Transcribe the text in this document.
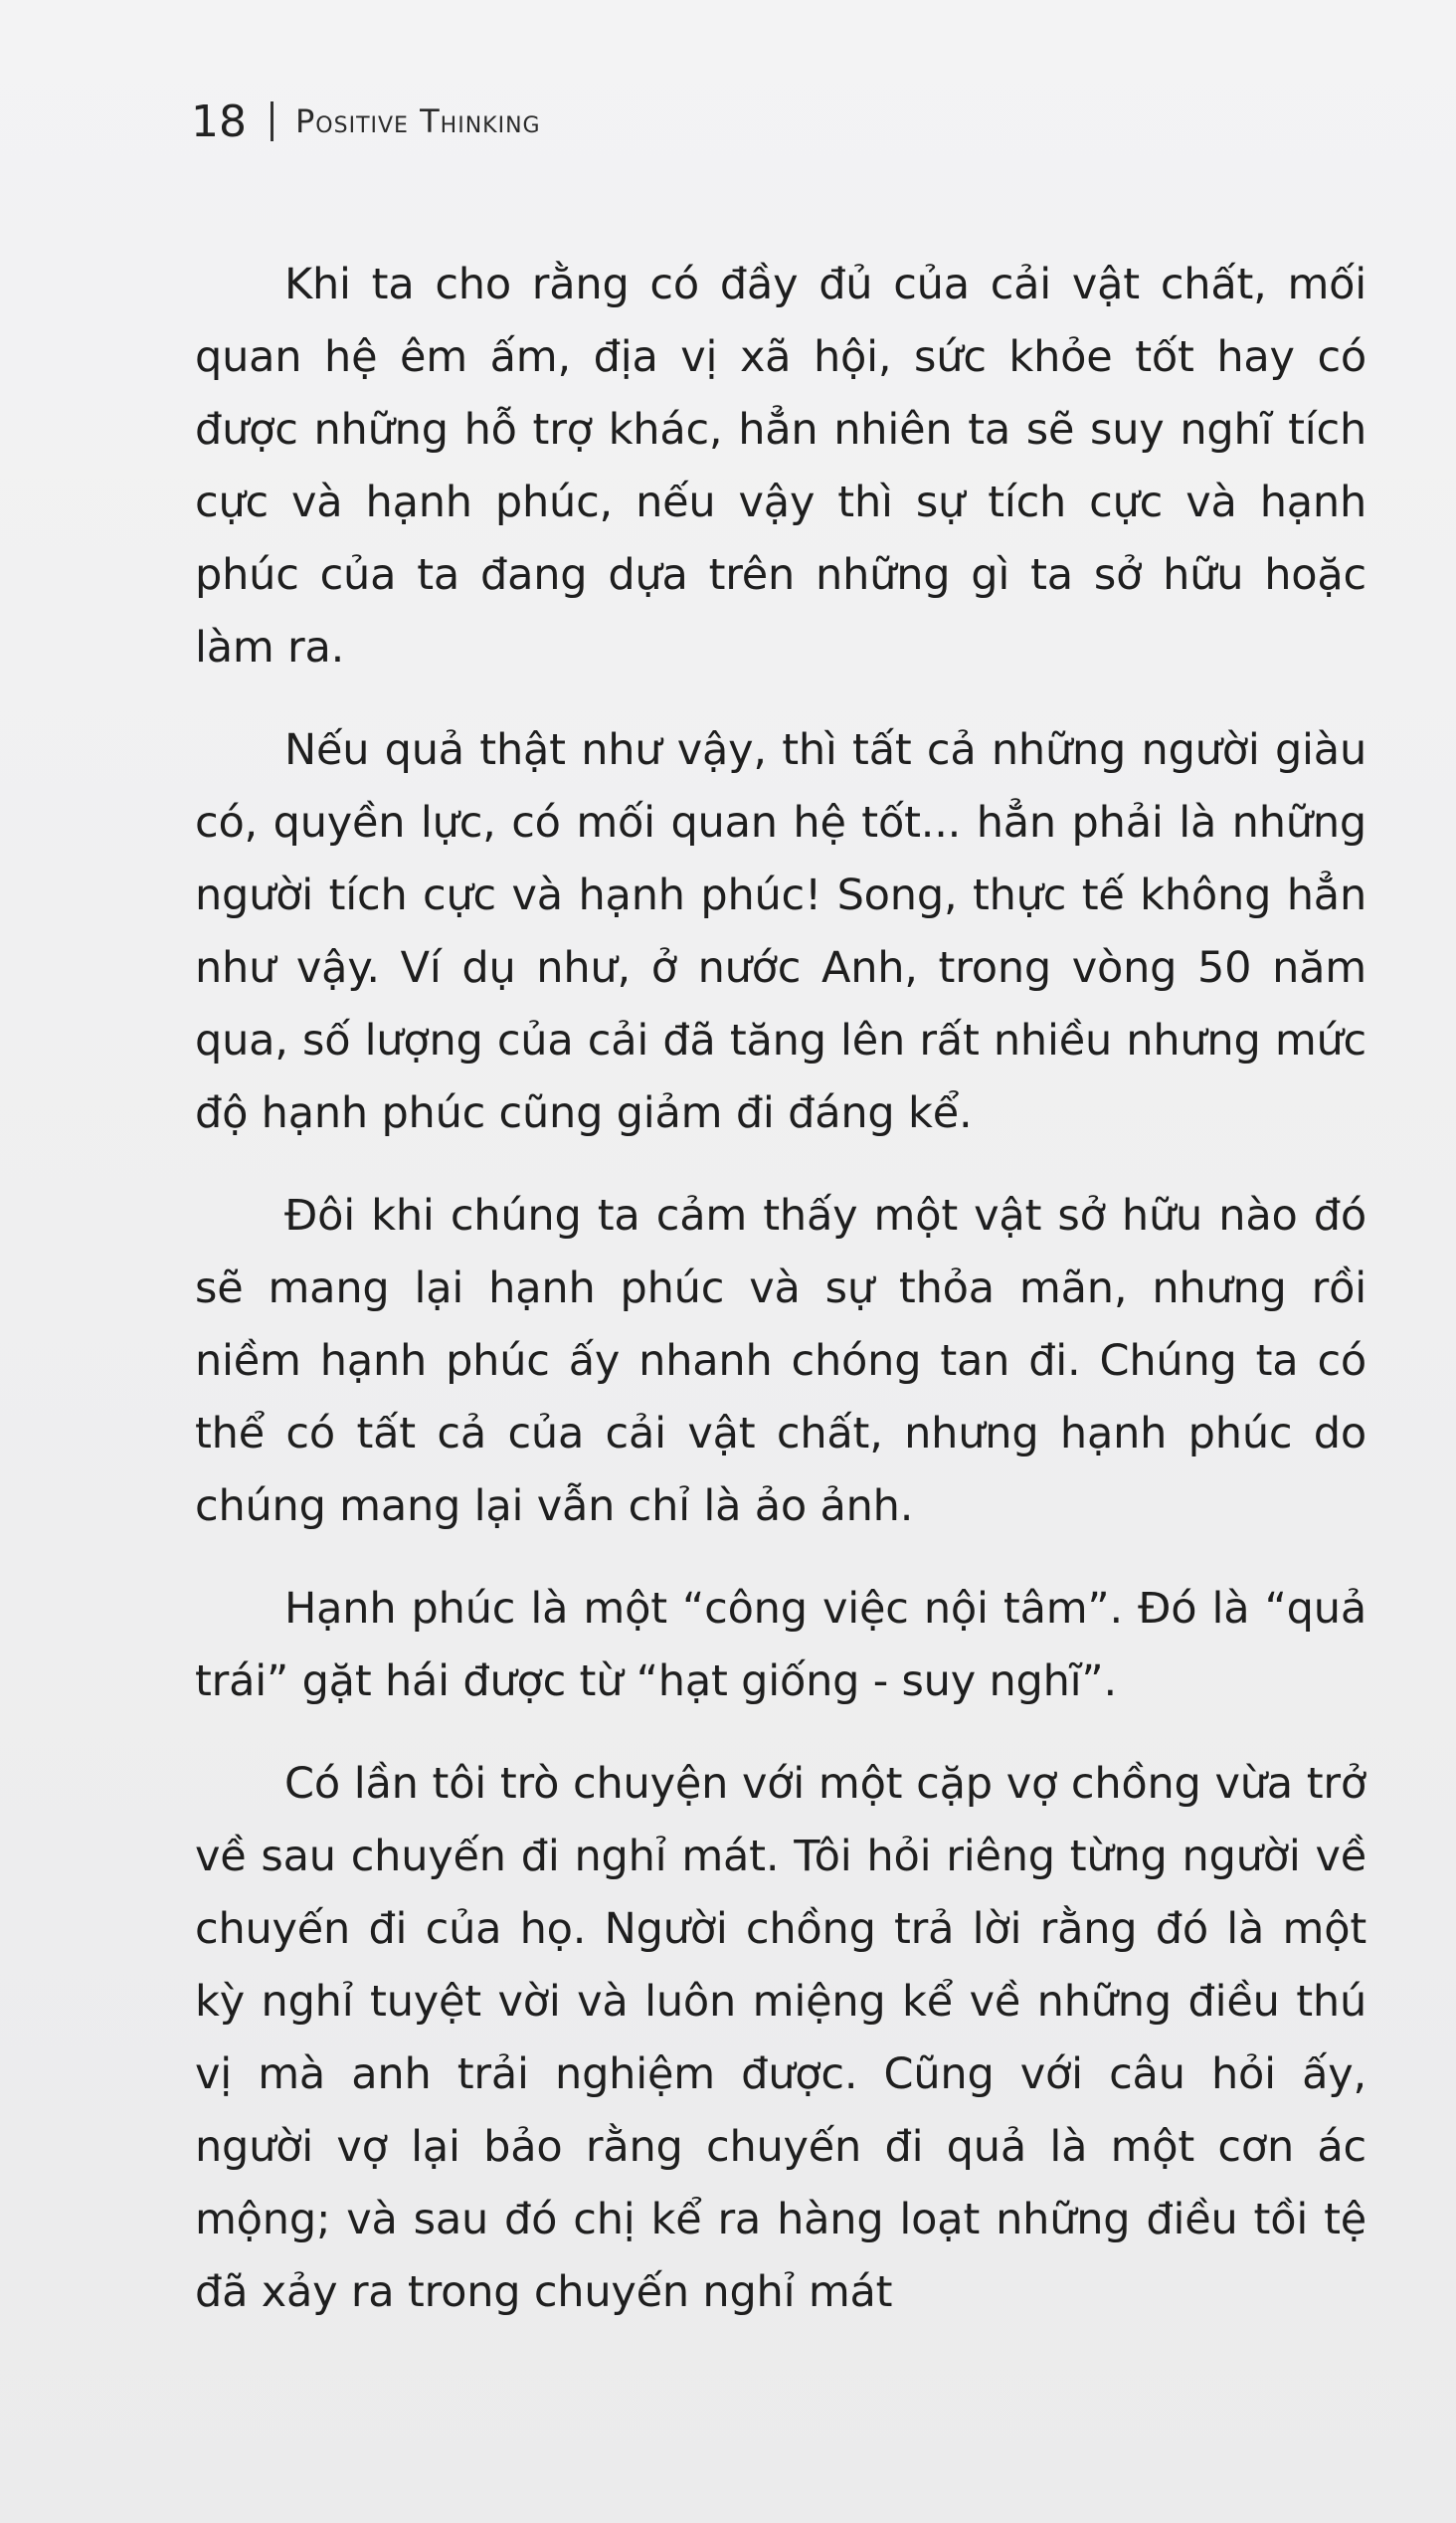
18 Positive Thinking

Khi ta cho rằng có đầy đủ của cải vật chất, mối quan hệ êm ấm, địa vị xã hội, sức khỏe tốt hay có được những hỗ trợ khác, hẳn nhiên ta sẽ suy nghĩ tích cực và hạnh phúc, nếu vậy thì sự tích cực và hạnh phúc của ta đang dựa trên những gì ta sở hữu hoặc làm ra.

Nếu quả thật như vậy, thì tất cả những người giàu có, quyền lực, có mối quan hệ tốt... hẳn phải là những người tích cực và hạnh phúc! Song, thực tế không hẳn như vậy. Ví dụ như, ở nước Anh, trong vòng 50 năm qua, số lượng của cải đã tăng lên rất nhiều nhưng mức độ hạnh phúc cũng giảm đi đáng kể.

Đôi khi chúng ta cảm thấy một vật sở hữu nào đó sẽ mang lại hạnh phúc và sự thỏa mãn, nhưng rồi niềm hạnh phúc ấy nhanh chóng tan đi. Chúng ta có thể có tất cả của cải vật chất, nhưng hạnh phúc do chúng mang lại vẫn chỉ là ảo ảnh.

Hạnh phúc là một “công việc nội tâm”. Đó là “quả trái” gặt hái được từ “hạt giống - suy nghĩ”.

Có lần tôi trò chuyện với một cặp vợ chồng vừa trở về sau chuyến đi nghỉ mát. Tôi hỏi riêng từng người về chuyến đi của họ. Người chồng trả lời rằng đó là một kỳ nghỉ tuyệt vời và luôn miệng kể về những điều thú vị mà anh trải nghiệm được. Cũng với câu hỏi ấy, người vợ lại bảo rằng chuyến đi quả là một cơn ác mộng; và sau đó chị kể ra hàng loạt những điều tồi tệ đã xảy ra trong chuyến nghỉ mát
